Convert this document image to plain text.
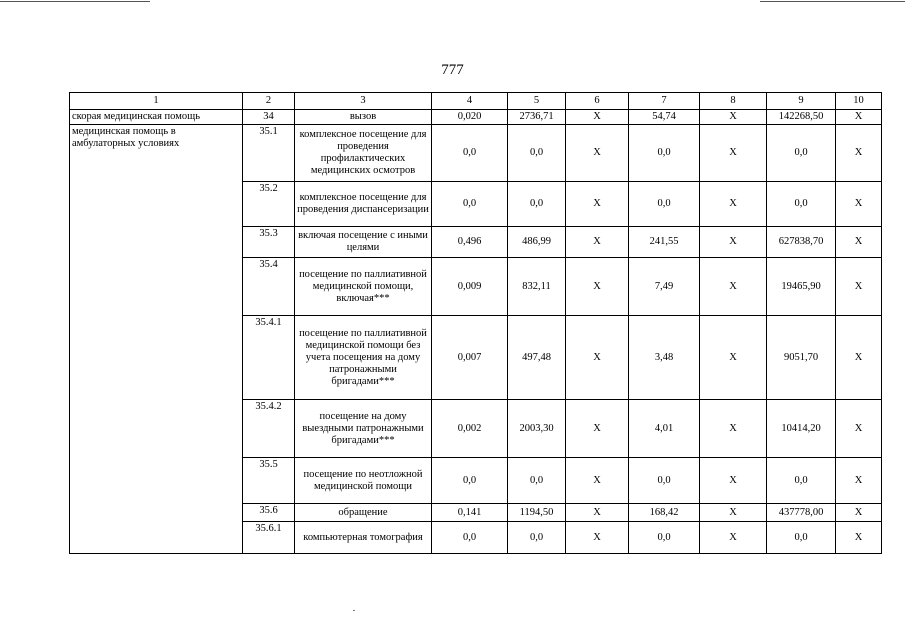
777
1	2	3	4	5	6	7	8	9	10
скорая медицинская помощь	34	вызов	0,020	2736,71	X	54,74	X	142268,50	X
медицинская помощь в амбулаторных условиях	35.1	комплексное посещение для проведения профилактических медицинских осмотров	0,0	0,0	X	0,0	X	0,0	X
	35.2	комплексное посещение для проведения диспансеризации	0,0	0,0	X	0,0	X	0,0	X
	35.3	включая посещение с иными целями	0,496	486,99	X	241,55	X	627838,70	X
	35.4	посещение по паллиативной медицинской помощи, включая***	0,009	832,11	X	7,49	X	19465,90	X
	35.4.1	посещение по паллиативной медицинской помощи без учета посещения на дому патронажными бригадами***	0,007	497,48	X	3,48	X	9051,70	X
	35.4.2	посещение на дому выездными патронажными бригадами***	0,002	2003,30	X	4,01	X	10414,20	X
	35.5	посещение по неотложной медицинской помощи	0,0	0,0	X	0,0	X	0,0	X
	35.6	обращение	0,141	1194,50	X	168,42	X	437778,00	X
	35.6.1	компьютерная томография	0,0	0,0	X	0,0	X	0,0	X
